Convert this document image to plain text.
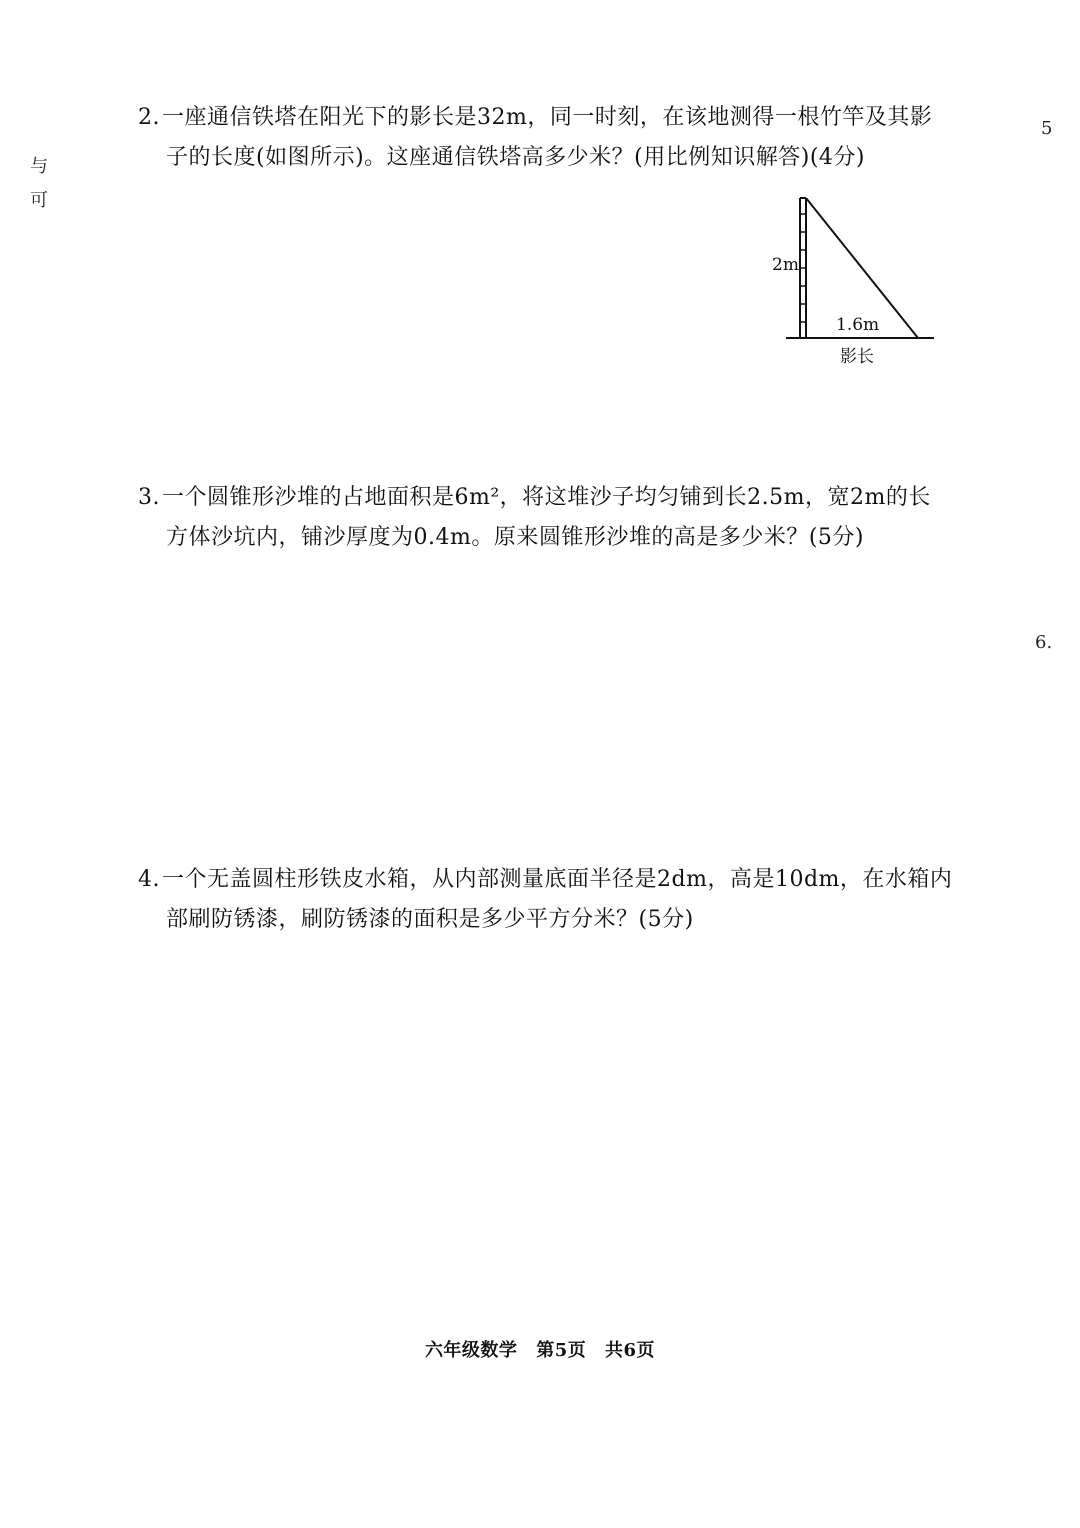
2.一座通信铁塔在阳光下的影长是32m，同一时刻，在该地测得一根竹竿及其影
子的长度(如图所示)。这座通信铁塔高多少米？(用比例知识解答)(4分)
2m
1.6m
影长
3.一个圆锥形沙堆的占地面积是6m²，将这堆沙子均匀铺到长2.5m，宽2m的长
方体沙坑内，铺沙厚度为0.4m。原来圆锥形沙堆的高是多少米？(5分)
4.一个无盖圆柱形铁皮水箱，从内部测量底面半径是2dm，高是10dm，在水箱内
部刷防锈漆，刷防锈漆的面积是多少平方分米？(5分)
六年级数学 第5页 共6页
5
6.
与
可
